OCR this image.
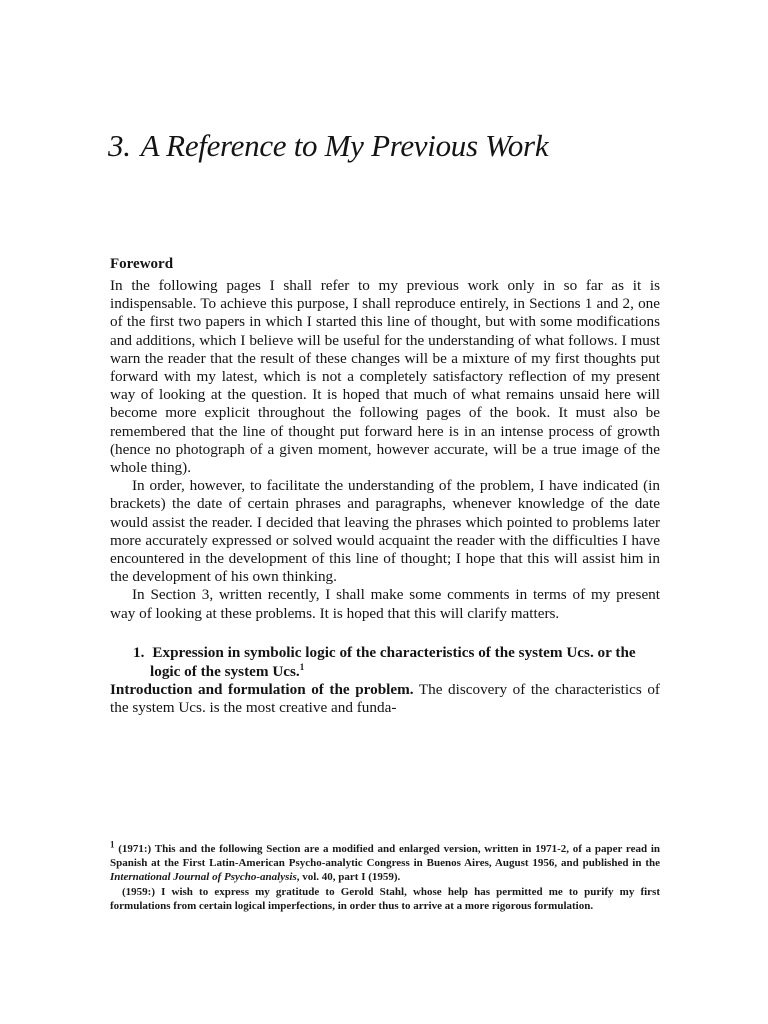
3. A Reference to My Previous Work
Foreword

In the following pages I shall refer to my previous work only in so far as it is indispensable. To achieve this purpose, I shall reproduce entirely, in Sections 1 and 2, one of the first two papers in which I started this line of thought, but with some modifications and additions, which I believe will be useful for the understanding of what follows. I must warn the reader that the result of these changes will be a mixture of my first thoughts put forward with my latest, which is not a completely satisfactory reflection of my present way of looking at the question. It is hoped that much of what remains unsaid here will become more explicit throughout the following pages of the book. It must also be remembered that the line of thought put forward here is in an intense process of growth (hence no photograph of a given moment, however accurate, will be a true image of the whole thing).

In order, however, to facilitate the understanding of the problem, I have indicated (in brackets) the date of certain phrases and paragraphs, whenever knowledge of the date would assist the reader. I decided that leaving the phrases which pointed to problems later more accurately expressed or solved would acquaint the reader with the difficulties I have encountered in the development of this line of thought; I hope that this will assist him in the development of his own thinking.

In Section 3, written recently, I shall make some comments in terms of my present way of looking at these problems. It is hoped that this will clarify matters.

1. Expression in symbolic logic of the characteristics of the system Ucs. or the logic of the system Ucs.$^1$

Introduction and formulation of the problem. The discovery of the characteristics of the system Ucs. is the most creative and funda-

$^1$ (1971:) This and the following Section are a modified and enlarged version, written in 1971-2, of a paper read in Spanish at the First Latin-American Psycho-analytic Congress in Buenos Aires, August 1956, and published in the International Journal of Psycho-analysis, vol. 40, part I (1959).

(1959:) I wish to express my gratitude to Gerold Stahl, whose help has permitted me to purify my first formulations from certain logical imperfections, in order thus to arrive at a more rigorous formulation.
